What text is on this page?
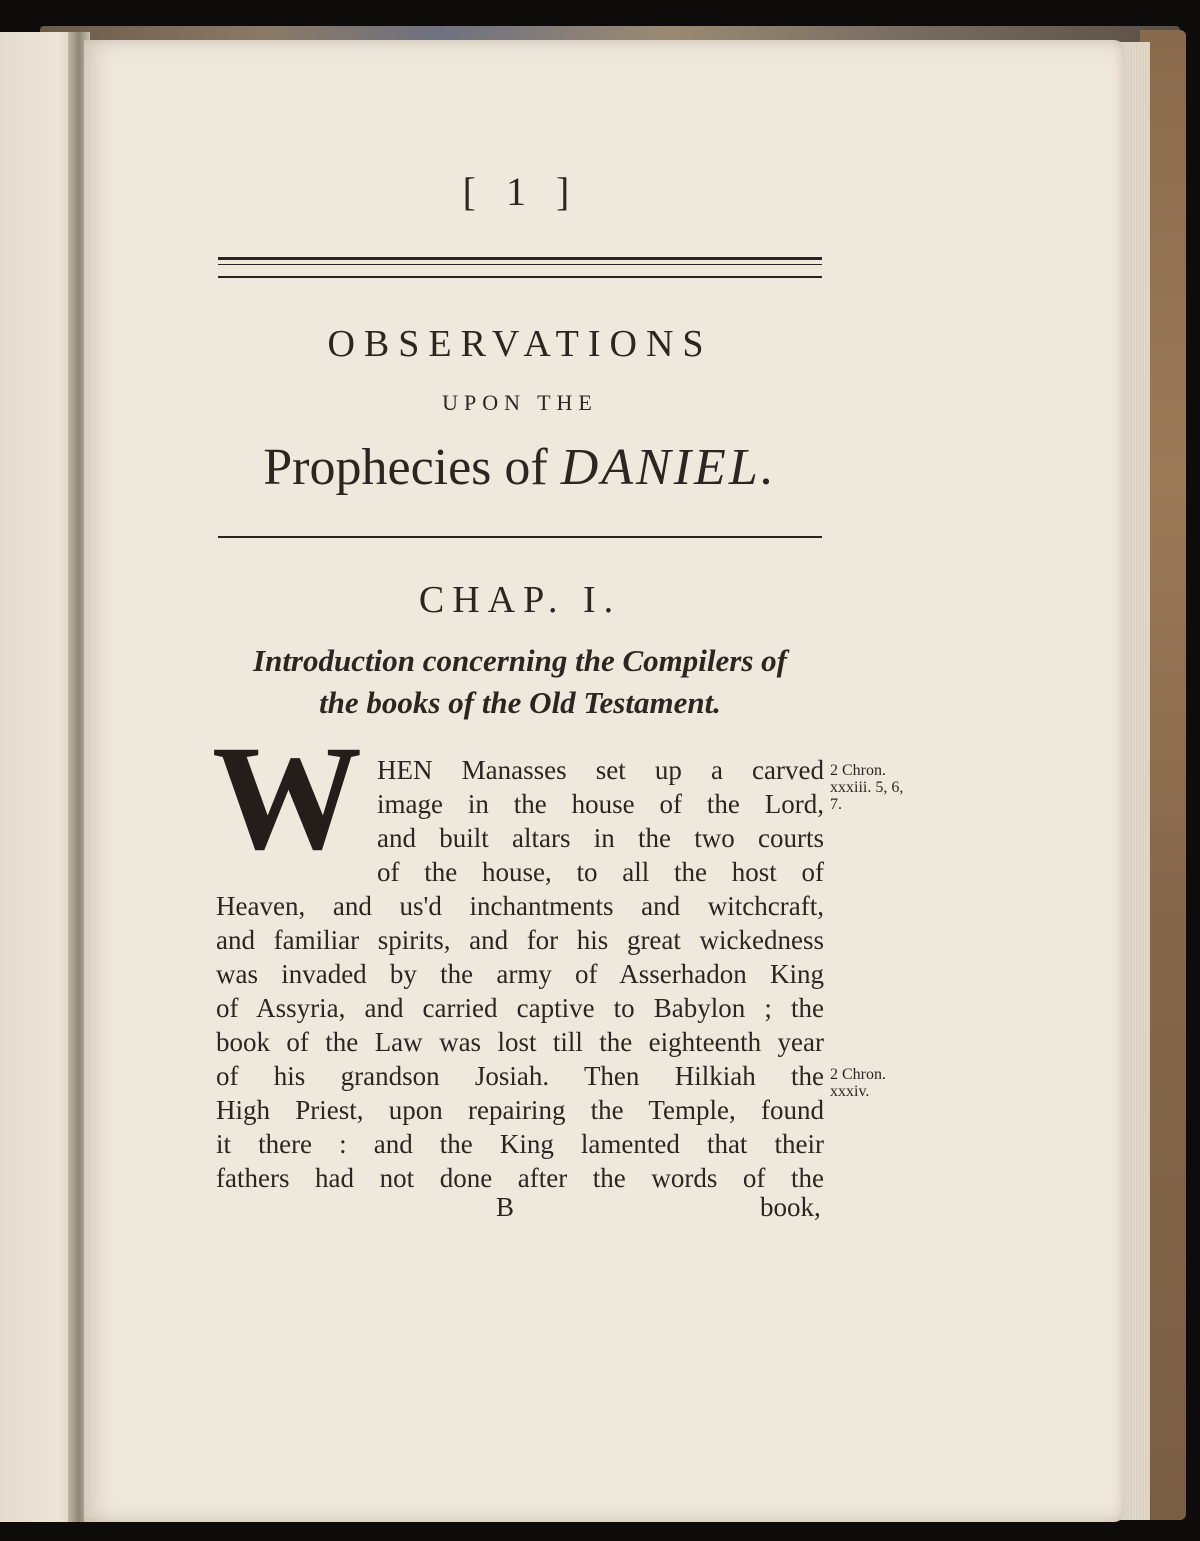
[ 1 ]
OBSERVATIONS
UPON THE
Prophecies of DANIEL.
CHAP. I.
Introduction concerning the Compilers of
the books of the Old Testament.
W HEN Manasses set up a carved
image in the house of the Lord,
and built altars in the two courts
of the house, to all the host of
Heaven, and us'd inchantments and witchcraft,
and familiar spirits, and for his great wickedness
was invaded by the army of Asserhadon King
of Assyria, and carried captive to Babylon ; the
book of the Law was lost till the eighteenth year
of his grandson Josiah. Then Hilkiah the
High Priest, upon repairing the Temple, found
it there : and the King lamented that their
fathers had not done after the words of the
2 Chron.
xxxiii. 5, 6,
7.
2 Chron.
xxxiv.
B	book,
